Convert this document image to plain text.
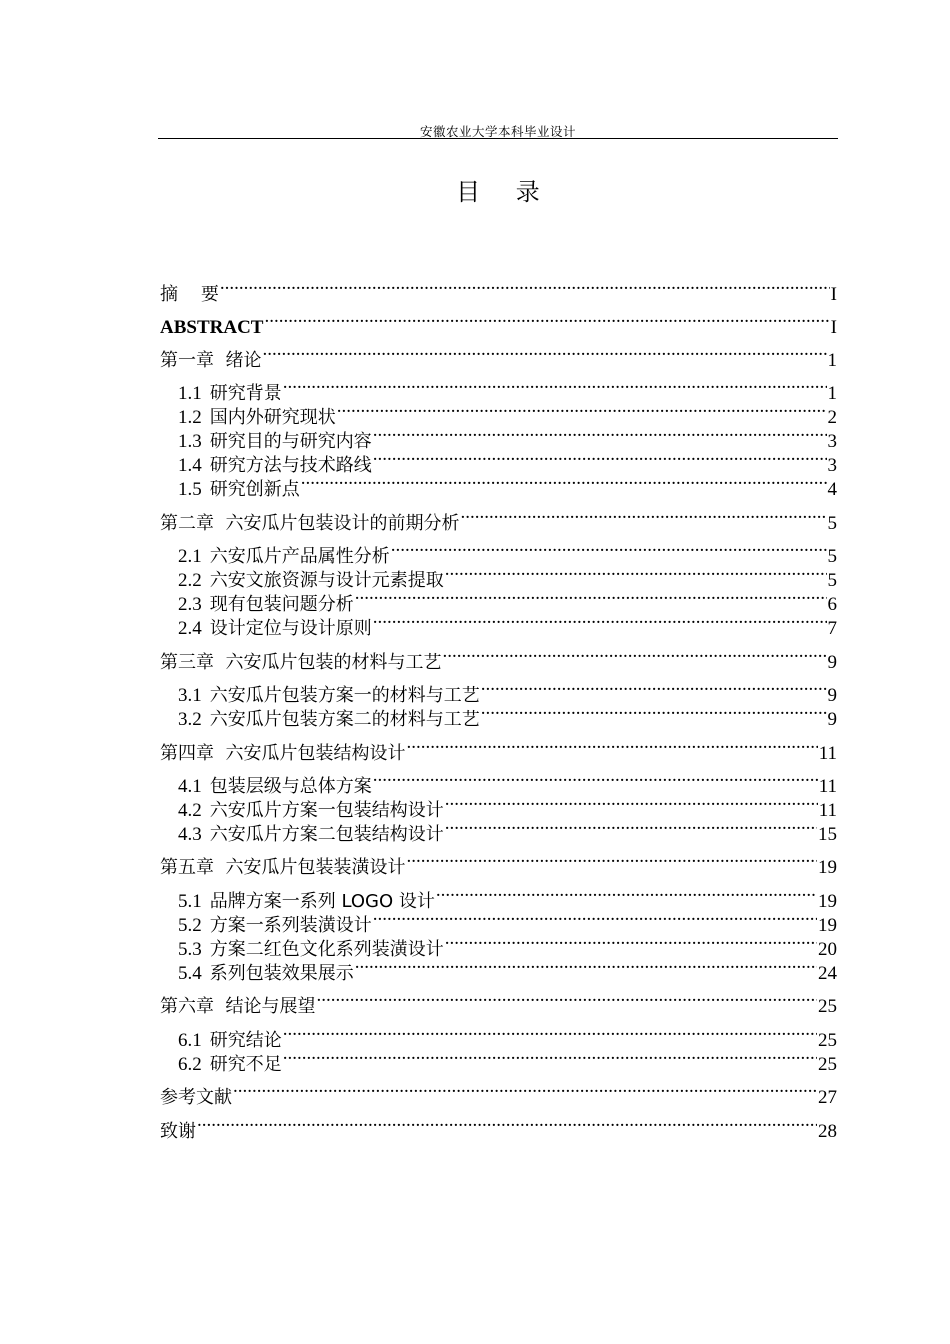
安徽农业大学本科毕业设计
目 录
摘    要 .....	I
ABSTRACT .....	I
第一章  绪论 .....	1
1.1 研究背景 .....	1
1.2 国内外研究现状 .....	2
1.3 研究目的与研究内容 .....	3
1.4 研究方法与技术路线 .....	3
1.5 研究创新点 .....	4
第二章  六安瓜片包装设计的前期分析 .....	5
2.1 六安瓜片产品属性分析 .....	5
2.2 六安文旅资源与设计元素提取 .....	5
2.3 现有包装问题分析 .....	6
2.4 设计定位与设计原则 .....	7
第三章  六安瓜片包装的材料与工艺 .....	9
3.1 六安瓜片包装方案一的材料与工艺 .....	9
3.2 六安瓜片包装方案二的材料与工艺 .....	9
第四章  六安瓜片包装结构设计 .....	11
4.1 包装层级与总体方案 .....	11
4.2 六安瓜片方案一包装结构设计 .....	11
4.3 六安瓜片方案二包装结构设计 .....	15
第五章  六安瓜片包装装潢设计 .....	19
5.1 品牌方案一系列 LOGO 设计 .....	19
5.2 方案一系列装潢设计 .....	19
5.3 方案二红色文化系列装潢设计 .....	20
5.4 系列包装效果展示 .....	24
第六章  结论与展望 .....	25
6.1 研究结论 .....	25
6.2 研究不足 .....	25
参考文献 .....	27
致谢 .....	28
